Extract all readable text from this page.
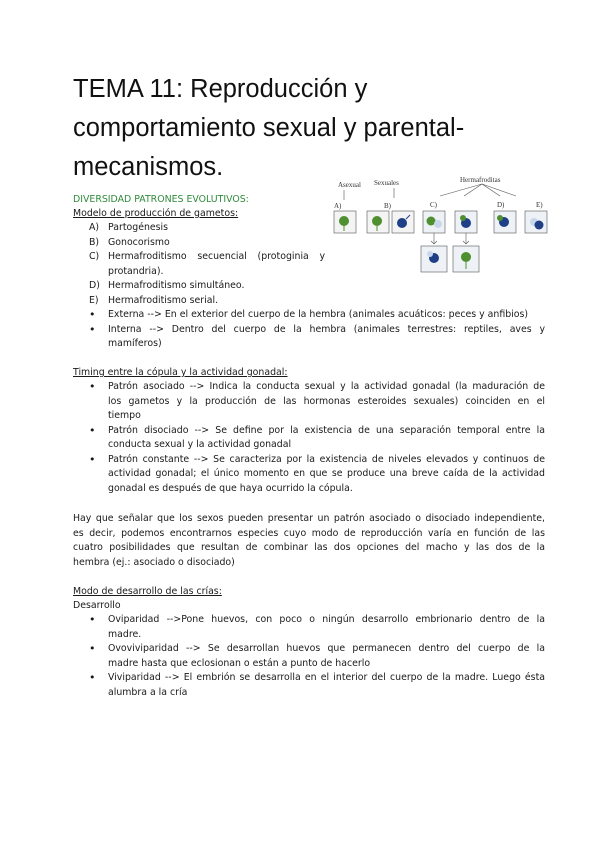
TEMA 11: Reproducción y
comportamiento sexual y parental-
mecanismos.
DIVERSIDAD PATRONES EVOLUTIVOS:
Modelo de producción de gametos:
A) Partogénesis
B) Gonocorismo
C) Hermafroditismo secuencial (protoginia y
protandria).
D) Hermafroditismo simultáneo.
E) Hermafroditismo serial.
• Externa --> En el exterior del cuerpo de la hembra (animales acuáticos: peces y anfibios)
• Interna --> Dentro del cuerpo de la hembra (animales terrestres: reptiles, aves y
mamíferos)
Asexual Sexuales	Hermafroditas
A)	B)	C)	D)	E)
Timing entre la cópula y la actividad gonadal:
• Patrón asociado --> Indica la conducta sexual y la actividad gonadal (la maduración de
los gametos y la producción de las hormonas esteroides sexuales) coinciden en el
tiempo
• Patrón disociado --> Se define por la existencia de una separación temporal entre la
conducta sexual y la actividad gonadal
• Patrón constante --> Se caracteriza por la existencia de niveles elevados y continuos de
actividad gonadal; el único momento en que se produce una breve caída de la actividad
gonadal es después de que haya ocurrido la cópula.
Hay que señalar que los sexos pueden presentar un patrón asociado o disociado independiente,
es decir, podemos encontrarnos especies cuyo modo de reproducción varía en función de las
cuatro posibilidades que resultan de combinar las dos opciones del macho y las dos de la
hembra (ej.: asociado o disociado)
Modo de desarrollo de las crías:
Desarrollo
• Oviparidad -->Pone huevos, con poco o ningún desarrollo embrionario dentro de la
madre.
• Ovoviviparidad --> Se desarrollan huevos que permanecen dentro del cuerpo de la
madre hasta que eclosionan o están a punto de hacerlo
• Viviparidad --> El embrión se desarrolla en el interior del cuerpo de la madre. Luego ésta
alumbra a la cría
